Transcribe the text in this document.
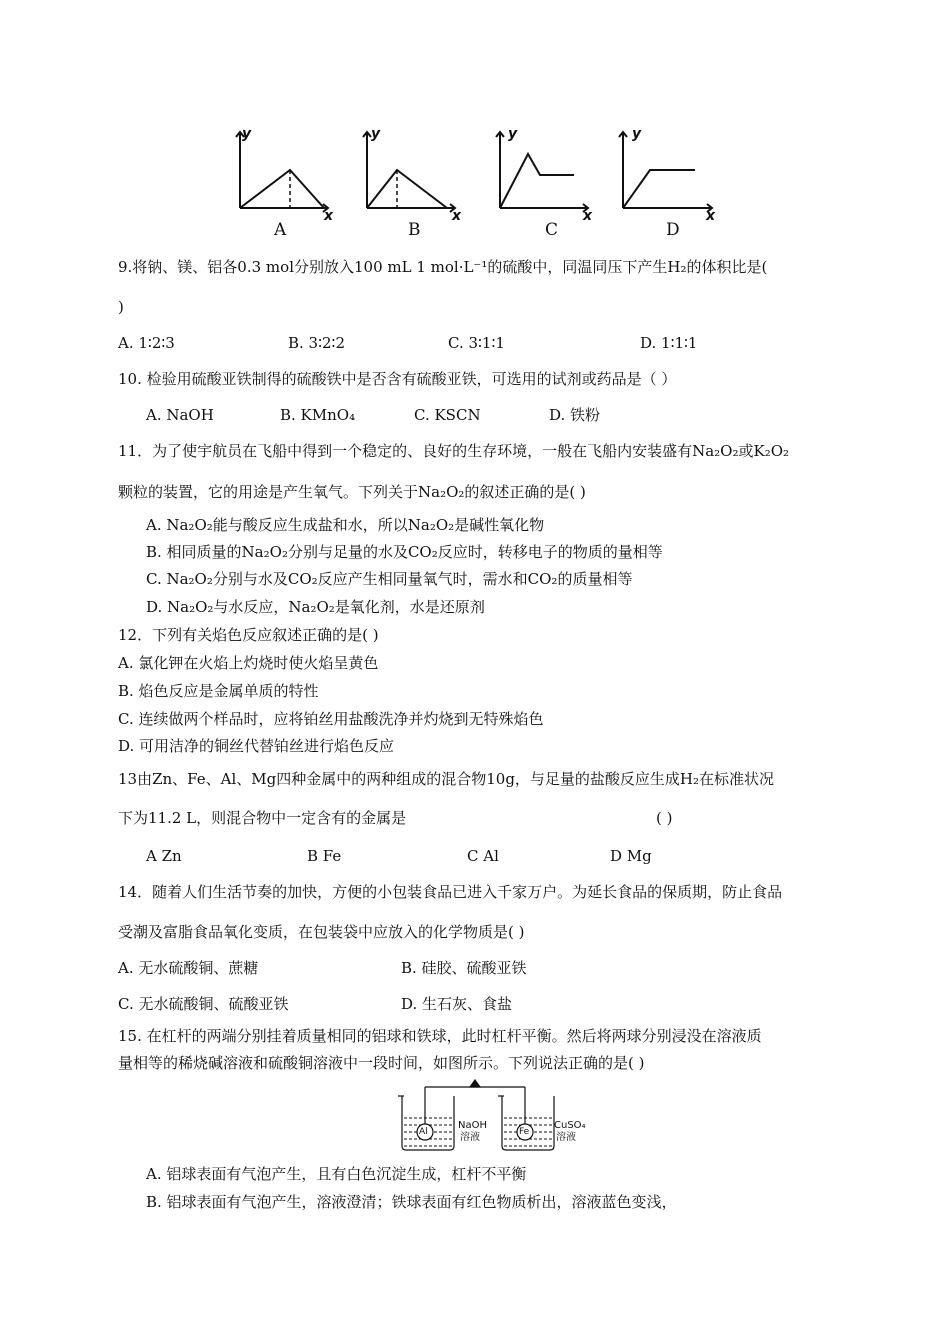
y
x
y
x
y
x
y
x
A	B	C	D
9.将钠、镁、铝各0.3 mol分别放入100 mL 1 mol·L⁻¹的硫酸中，同温同压下产生H₂的体积比是(
)
A. 1∶2∶3	B. 3∶2∶2	C. 3∶1∶1	D. 1∶1∶1
10. 检验用硫酸亚铁制得的硫酸铁中是否含有硫酸亚铁，可选用的试剂或药品是（ ）
A. NaOH	B. KMnO₄	C. KSCN	D. 铁粉
11．为了使宇航员在飞船中得到一个稳定的、良好的生存环境，一般在飞船内安装盛有Na₂O₂或K₂O₂
颗粒的装置，它的用途是产生氧气。下列关于Na₂O₂的叙述正确的是( )
A. Na₂O₂能与酸反应生成盐和水，所以Na₂O₂是碱性氧化物
B. 相同质量的Na₂O₂分别与足量的水及CO₂反应时，转移电子的物质的量相等
C. Na₂O₂分别与水及CO₂反应产生相同量氧气时，需水和CO₂的质量相等
D. Na₂O₂与水反应，Na₂O₂是氧化剂，水是还原剂
12．下列有关焰色反应叙述正确的是( )
A. 氯化钾在火焰上灼烧时使火焰呈黄色
B. 焰色反应是金属单质的特性
C. 连续做两个样品时，应将铂丝用盐酸洗净并灼烧到无特殊焰色
D. 可用洁净的铜丝代替铂丝进行焰色反应
13由Zn、Fe、Al、Mg四种金属中的两种组成的混合物10g，与足量的盐酸反应生成H₂在标准状况
下为11.2 L，则混合物中一定含有的金属是	( )
A Zn	B Fe	C Al	D Mg
14．随着人们生活节奏的加快，方便的小包装食品已进入千家万户。为延长食品的保质期，防止食品
受潮及富脂食品氧化变质，在包装袋中应放入的化学物质是( )
A. 无水硫酸铜、蔗糖	B. 硅胶、硫酸亚铁
C. 无水硫酸铜、硫酸亚铁	D. 生石灰、食盐
15. 在杠杆的两端分别挂着质量相同的铝球和铁球，此时杠杆平衡。然后将两球分别浸没在溶液质
量相等的稀烧碱溶液和硫酸铜溶液中一段时间，如图所示。下列说法正确的是( )
Al	Fe
NaOH
溶液
CuSO₄
溶液
A. 铝球表面有气泡产生，且有白色沉淀生成，杠杆不平衡
B. 铝球表面有气泡产生，溶液澄清；铁球表面有红色物质析出，溶液蓝色变浅，
